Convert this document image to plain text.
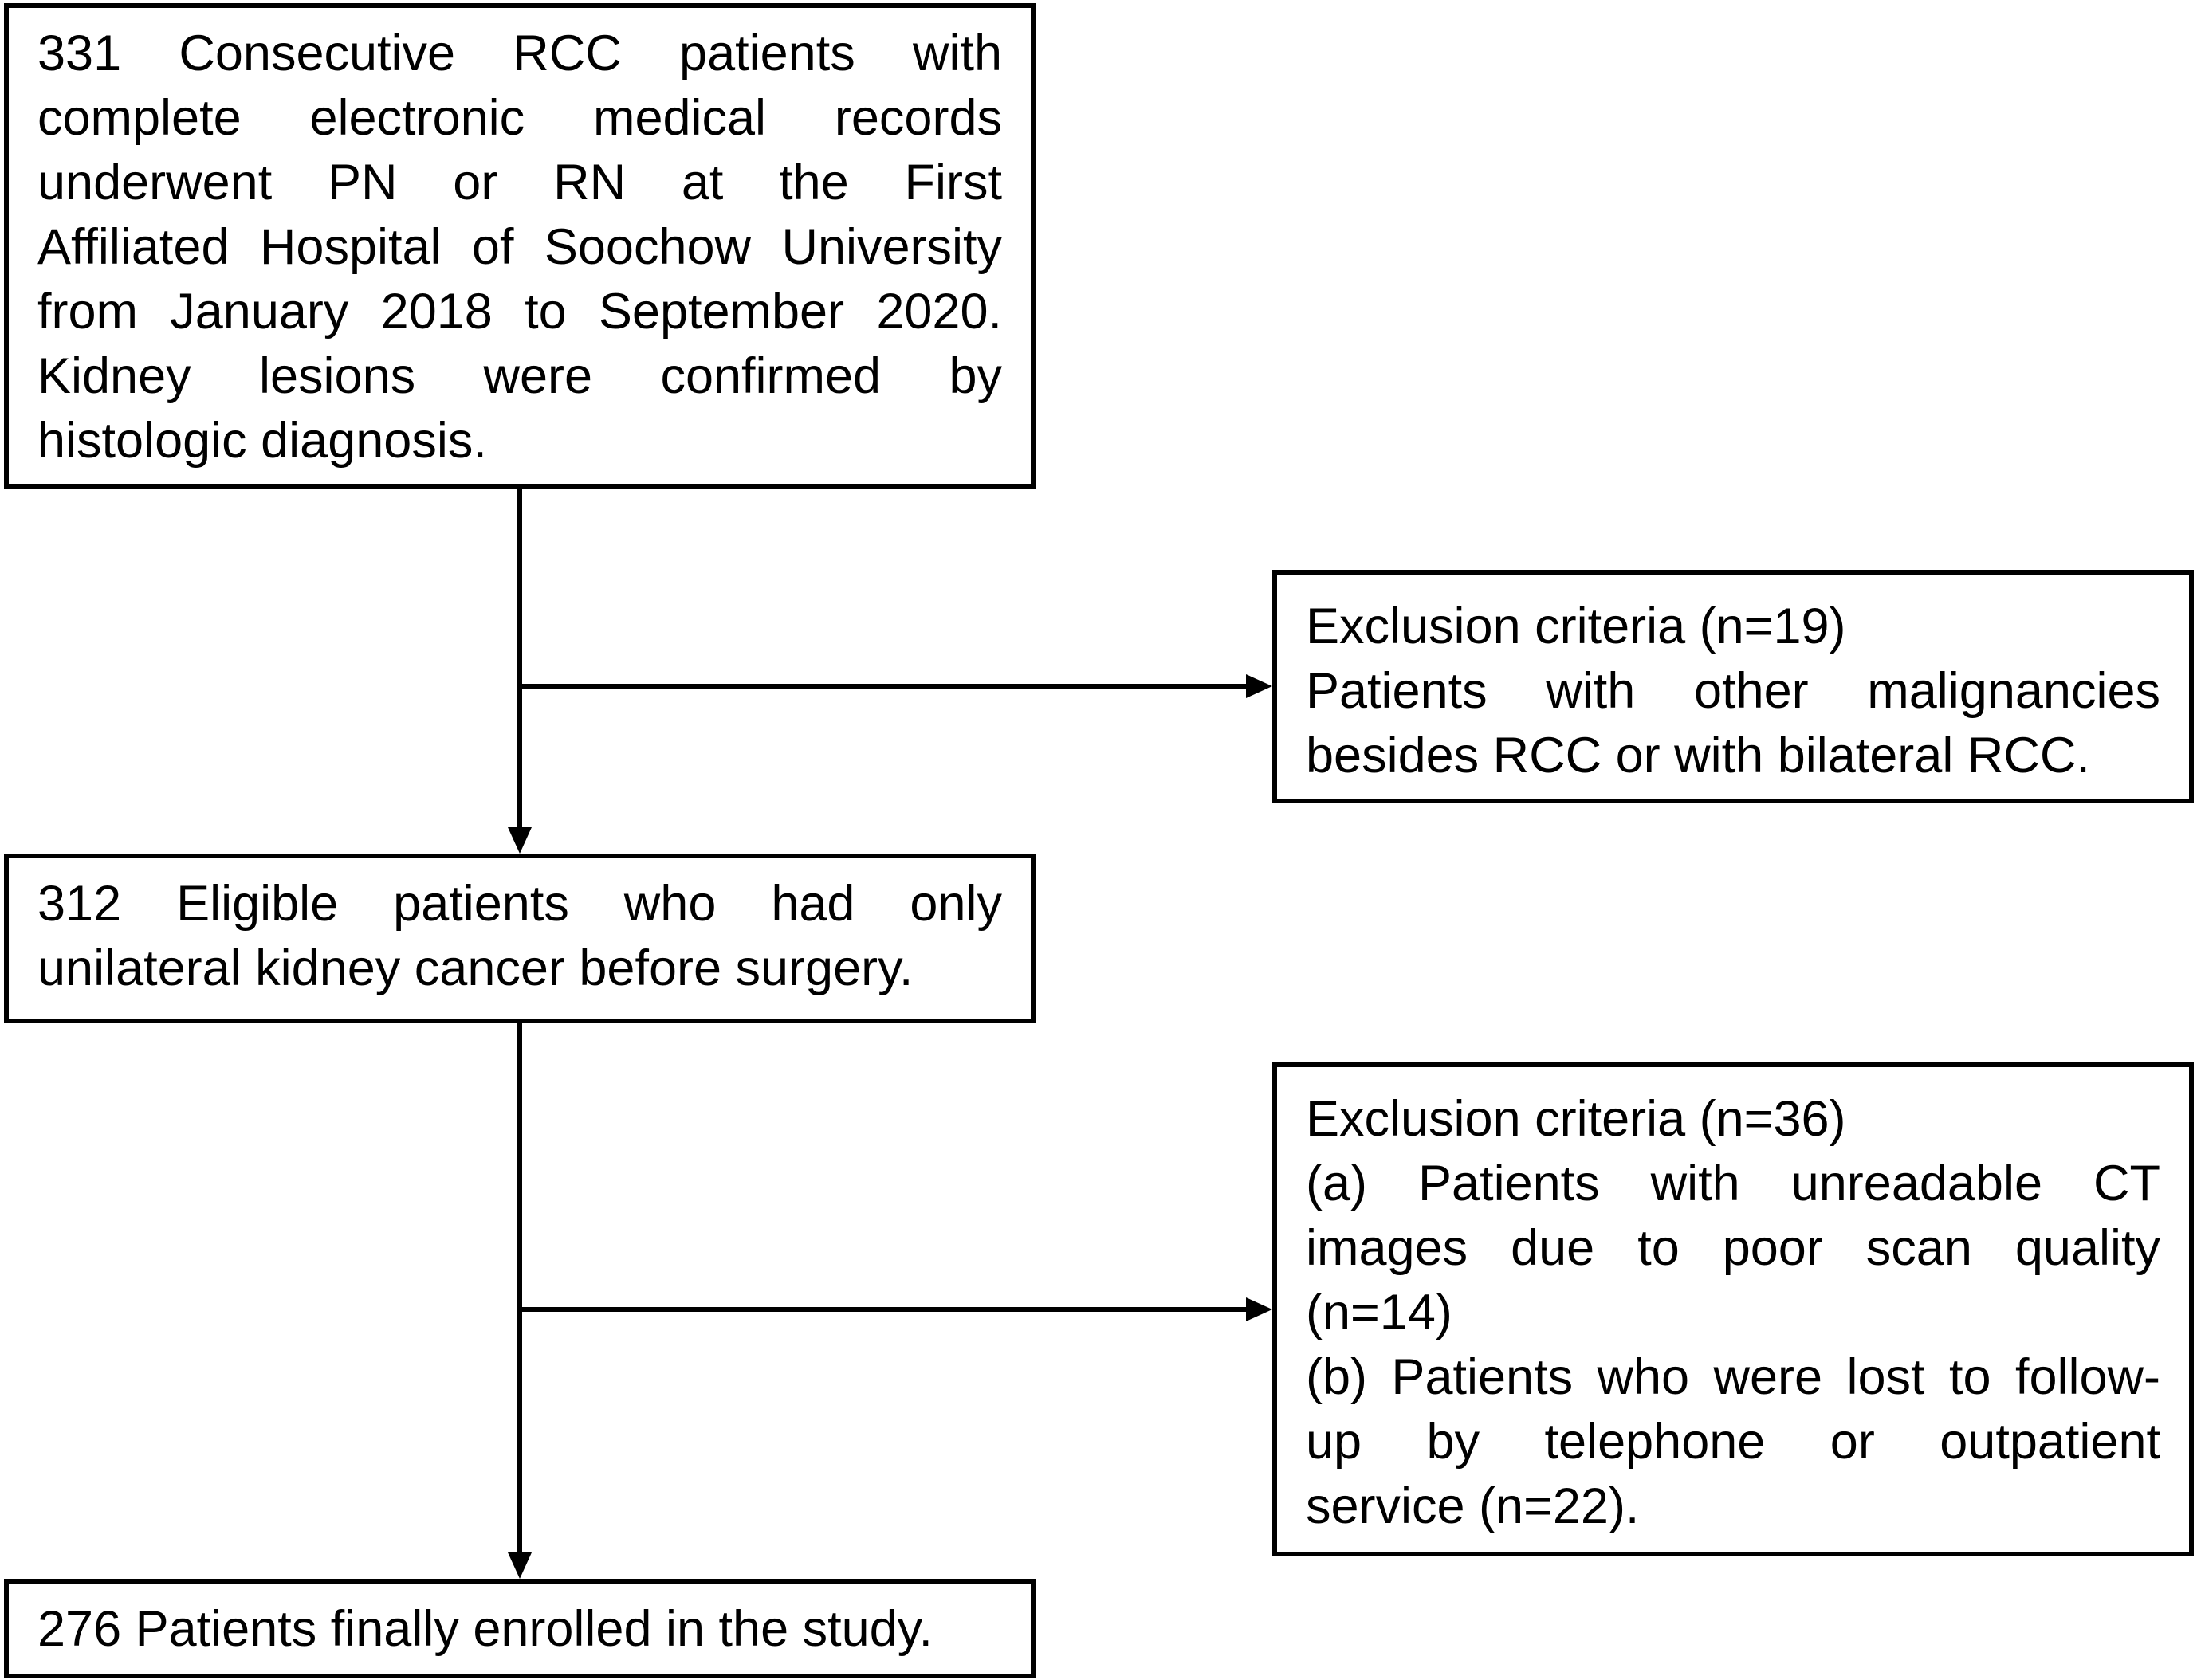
331 Consecutive RCC patients with
complete electronic medical records
underwent PN or RN at the First
Affiliated Hospital of Soochow University
from January 2018 to September 2020.
Kidney lesions were confirmed by
histologic diagnosis.
Exclusion criteria (n=19)
Patients with other malignancies
besides RCC or with bilateral RCC.
312 Eligible patients who had only
unilateral kidney cancer before surgery.
Exclusion criteria (n=36)
(a) Patients with unreadable CT
images due to poor scan quality
(n=14)
(b) Patients who were lost to follow-
up by telephone or outpatient
service (n=22).
276 Patients finally enrolled in the study.
